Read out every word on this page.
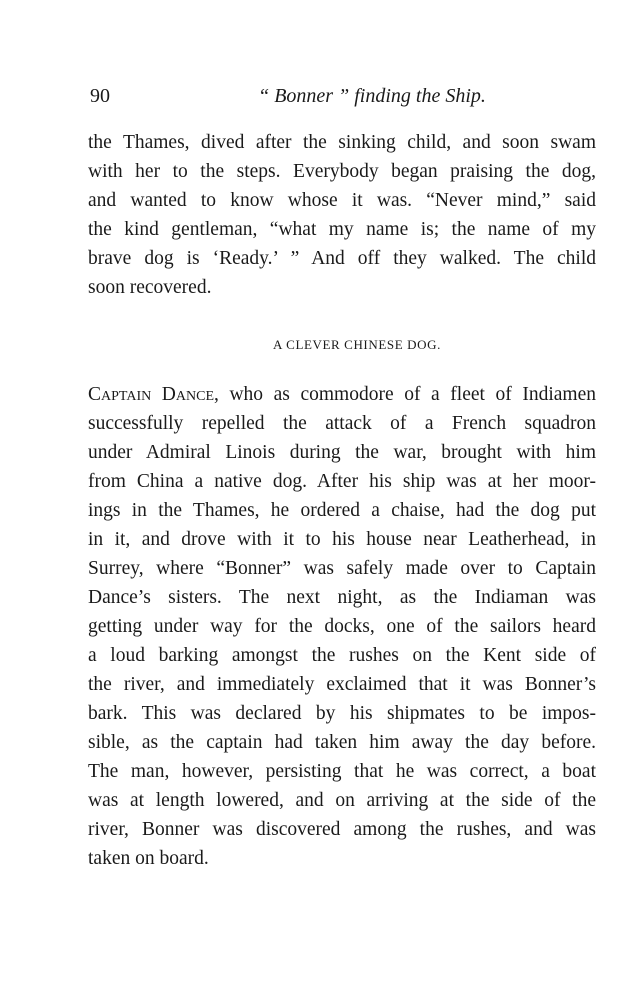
90	“ Bonner ” finding the Ship.
the Thames, dived after the sinking child, and soon swam
with her to the steps. Everybody began praising the dog,
and wanted to know whose it was. “Never mind,” said
the kind gentleman, “what my name is; the name of my
brave dog is ‘Ready.’ ” And off they walked. The child
soon recovered.
A CLEVER CHINESE DOG.
Captain Dance, who as commodore of a fleet of Indiamen
successfully repelled the attack of a French squadron
under Admiral Linois during the war, brought with him
from China a native dog. After his ship was at her moor-
ings in the Thames, he ordered a chaise, had the dog put
in it, and drove with it to his house near Leatherhead, in
Surrey, where “Bonner” was safely made over to Captain
Dance’s sisters. The next night, as the Indiaman was
getting under way for the docks, one of the sailors heard
a loud barking amongst the rushes on the Kent side of
the river, and immediately exclaimed that it was Bonner’s
bark. This was declared by his shipmates to be impos-
sible, as the captain had taken him away the day before.
The man, however, persisting that he was correct, a boat
was at length lowered, and on arriving at the side of the
river, Bonner was discovered among the rushes, and was
taken on board.
